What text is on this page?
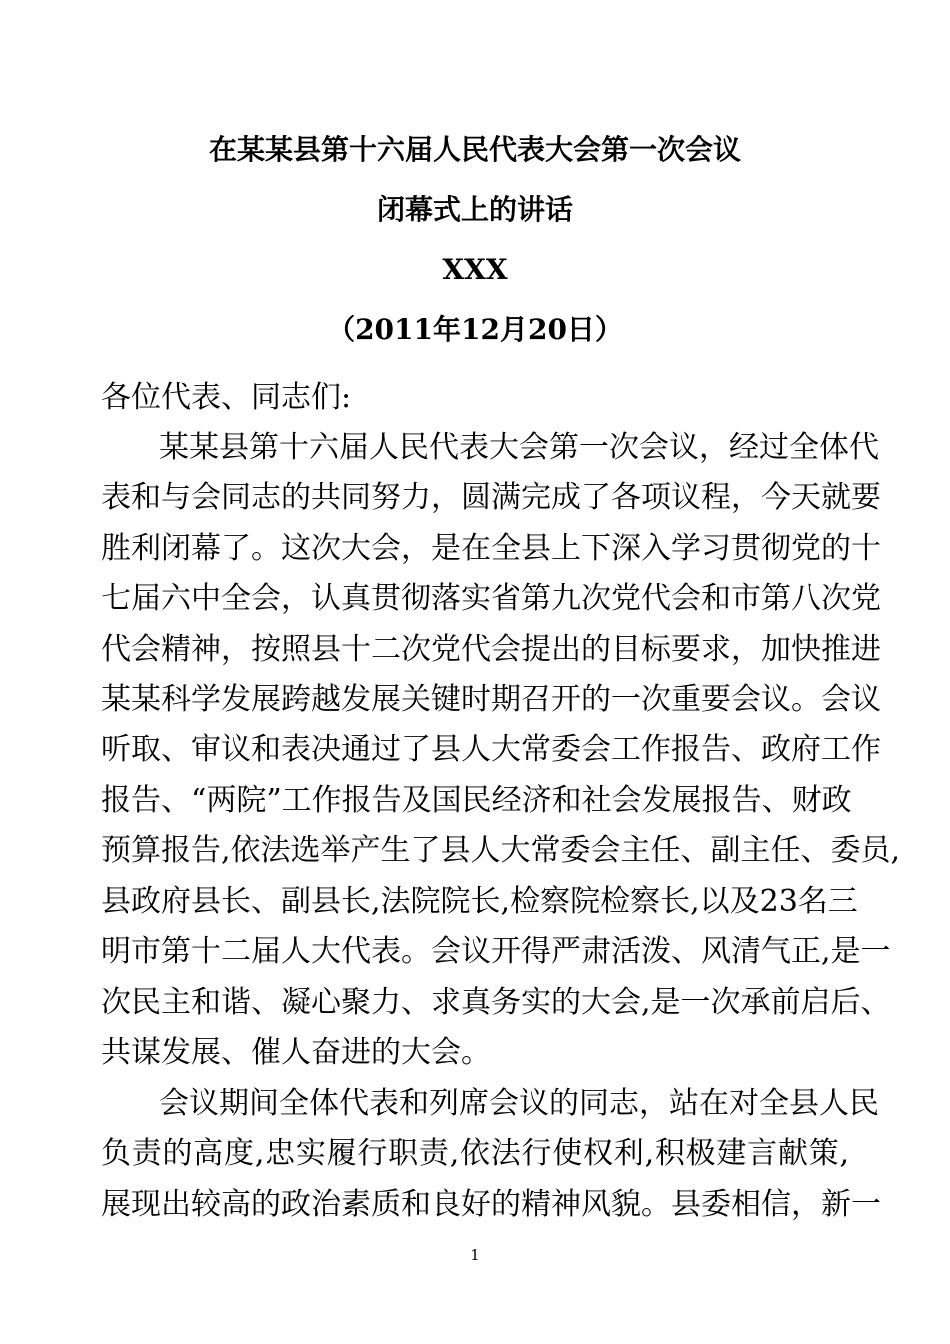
在某某县第十六届人民代表大会第一次会议
闭幕式上的讲话
XXX
（2011年12月20日）

各位代表、同志们:

某某县第十六届人民代表大会第一次会议，经过全体代

表和与会同志的共同努力，圆满完成了各项议程，今天就要

胜利闭幕了。这次大会，是在全县上下深入学习贯彻党的十

七届六中全会，认真贯彻落实省第九次党代会和市第八次党

代会精神，按照县十二次党代会提出的目标要求，加快推进

某某科学发展跨越发展关键时期召开的一次重要会议。会议

听取、审议和表决通过了县人大常委会工作报告、政府工作

报告、“两院”工作报告及国民经济和社会发展报告、财政

预算报告,依法选举产生了县人大常委会主任、副主任、委员,

县政府县长、副县长,法院院长,检察院检察长,以及23名三

明市第十二届人大代表。会议开得严肃活泼、风清气正,是一

次民主和谐、凝心聚力、求真务实的大会,是一次承前启后、

共谋发展、催人奋进的大会。

会议期间全体代表和列席会议的同志，站在对全县人民

负责的高度,忠实履行职责,依法行使权利,积极建言献策,

展现出较高的政治素质和良好的精神风貌。县委相信，新一

1
